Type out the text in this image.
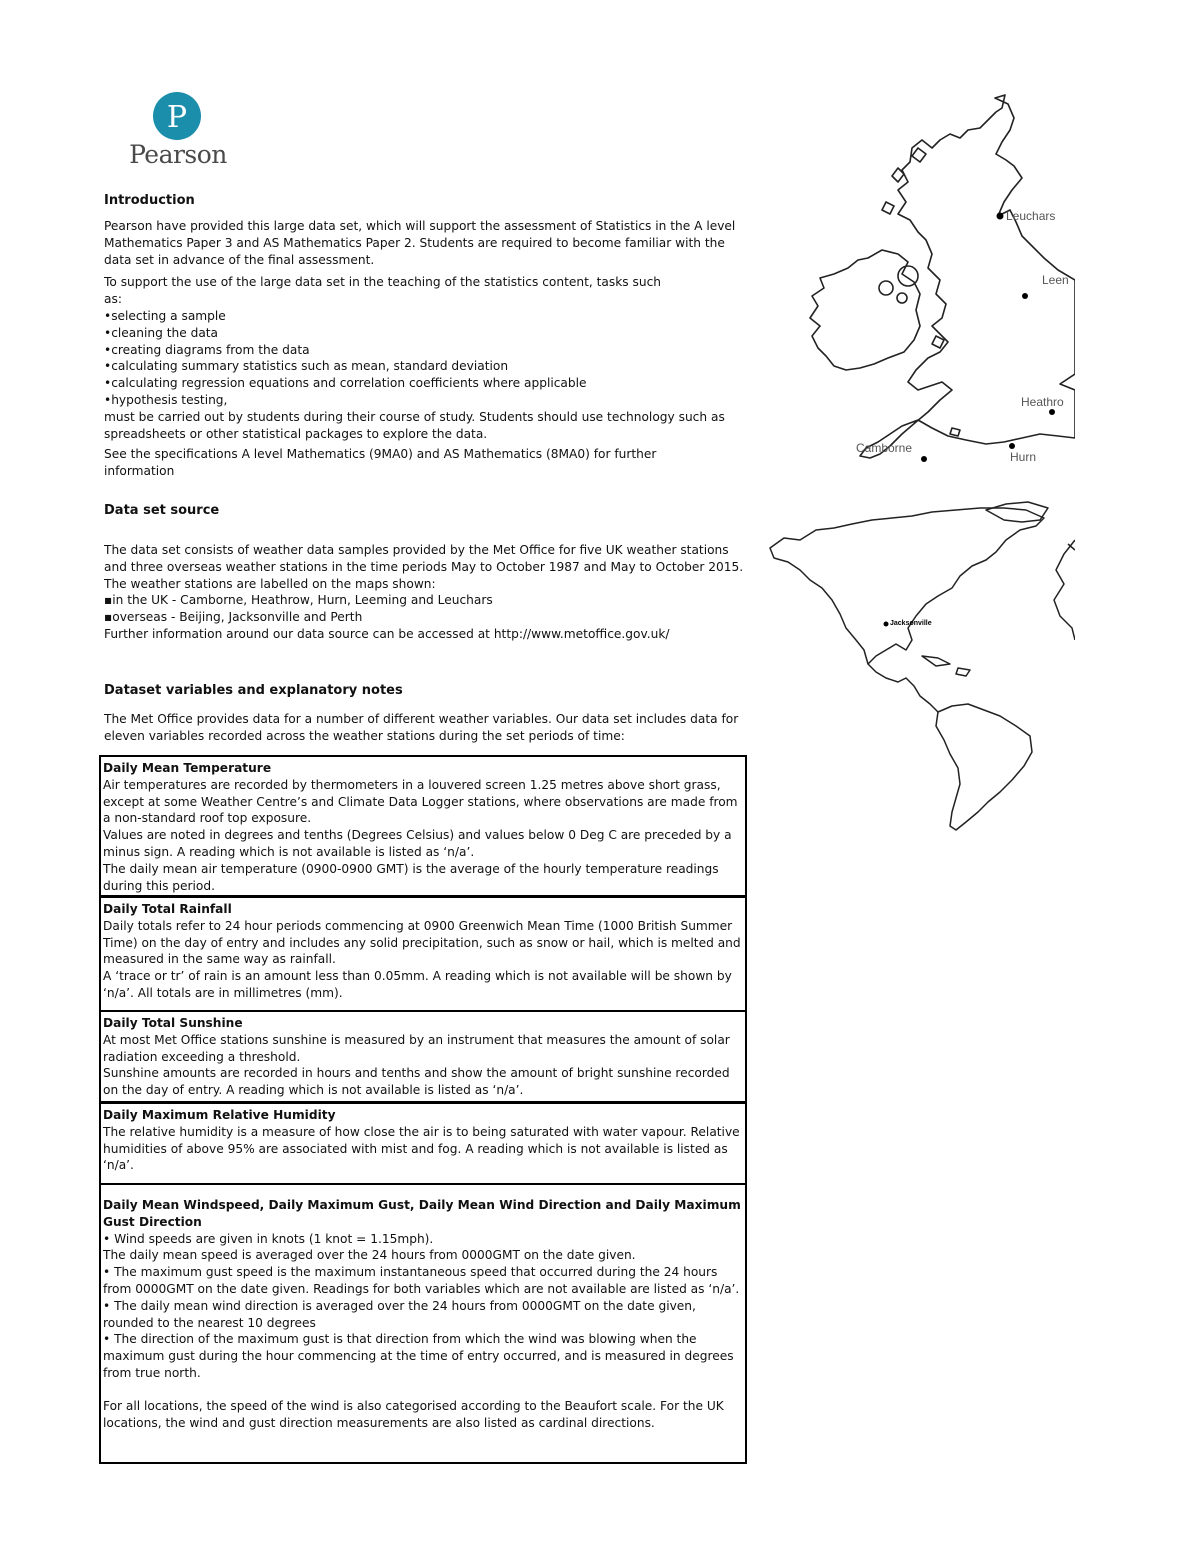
P
Pearson
Introduction

Pearson have provided this large data set, which will support the assessment of Statistics in the A level Mathematics Paper 3 and AS Mathematics Paper 2. Students are required to become familiar with the data set in advance of the final assessment.

To support the use of the large data set in the teaching of the statistics content, tasks such as:

• selecting a sample
• cleaning the data
• creating diagrams from the data
• calculating summary statistics such as mean, standard deviation
• calculating regression equations and correlation coefficients where applicable
• hypothesis testing,

must be carried out by students during their course of study. Students should use technology such as spreadsheets or other statistical packages to explore the data.

See the specifications A level Mathematics (9MA0) and AS Mathematics (8MA0) for further information

Data set source

The data set consists of weather data samples provided by the Met Office for five UK weather stations and three overseas weather stations in the time periods May to October 1987 and May to October 2015. The weather stations are labelled on the maps shown:

▪ in the UK - Camborne, Heathrow, Hurn, Leeming and Leuchars
▪ overseas - Beijing, Jacksonville and Perth

Further information around our data source can be accessed at http://www.metoffice.gov.uk/

Dataset variables and explanatory notes
The Met Office provides data for a number of different weather variables. Our data set includes data for eleven variables recorded across the weather stations during the set periods of time:

Daily Mean Temperature

Air temperatures are recorded by thermometers in a louvered screen 1.25 metres above short grass, except at some Weather Centre’s and Climate Data Logger stations, where observations are made from a non-standard roof top exposure.

Values are noted in degrees and tenths (Degrees Celsius) and values below 0 Deg C are preceded by a minus sign. A reading which is not available is listed as ‘n/a’.

The daily mean air temperature (0900-0900 GMT) is the average of the hourly temperature readings during this period.

Daily Total Rainfall

Daily totals refer to 24 hour periods commencing at 0900 Greenwich Mean Time (1000 British Summer Time) on the day of entry and includes any solid precipitation, such as snow or hail, which is melted and measured in the same way as rainfall.

A ‘trace or tr’ of rain is an amount less than 0.05mm. A reading which is not available will be shown by ‘n/a’. All totals are in millimetres (mm).

Daily Total Sunshine

At most Met Office stations sunshine is measured by an instrument that measures the amount of solar radiation exceeding a threshold.

Sunshine amounts are recorded in hours and tenths and show the amount of bright sunshine recorded on the day of entry. A reading which is not available is listed as ‘n/a’.

Daily Maximum Relative Humidity

The relative humidity is a measure of how close the air is to being saturated with water vapour. Relative humidities of above 95% are associated with mist and fog. A reading which is not available is listed as ‘n/a’.

Daily Mean Windspeed, Daily Maximum Gust, Daily Mean Wind Direction and Daily Maximum Gust Direction

• Wind speeds are given in knots (1 knot = 1.15mph).

The daily mean speed is averaged over the 24 hours from 0000GMT on the date given.

• The maximum gust speed is the maximum instantaneous speed that occurred during the 24 hours from 0000GMT on the date given. Readings for both variables which are not available are listed as ‘n/a’.

• The daily mean wind direction is averaged over the 24 hours from 0000GMT on the date given, rounded to the nearest 10 degrees

• The direction of the maximum gust is that direction from which the wind was blowing when the maximum gust during the hour commencing at the time of entry occurred, and is measured in degrees from true north.

For all locations, the speed of the wind is also categorised according to the Beaufort scale. For the UK locations, the wind and gust direction measurements are also listed as cardinal directions.

Leuchars
Leen
Heathro
Camborne
Hurn
Jacksonville
